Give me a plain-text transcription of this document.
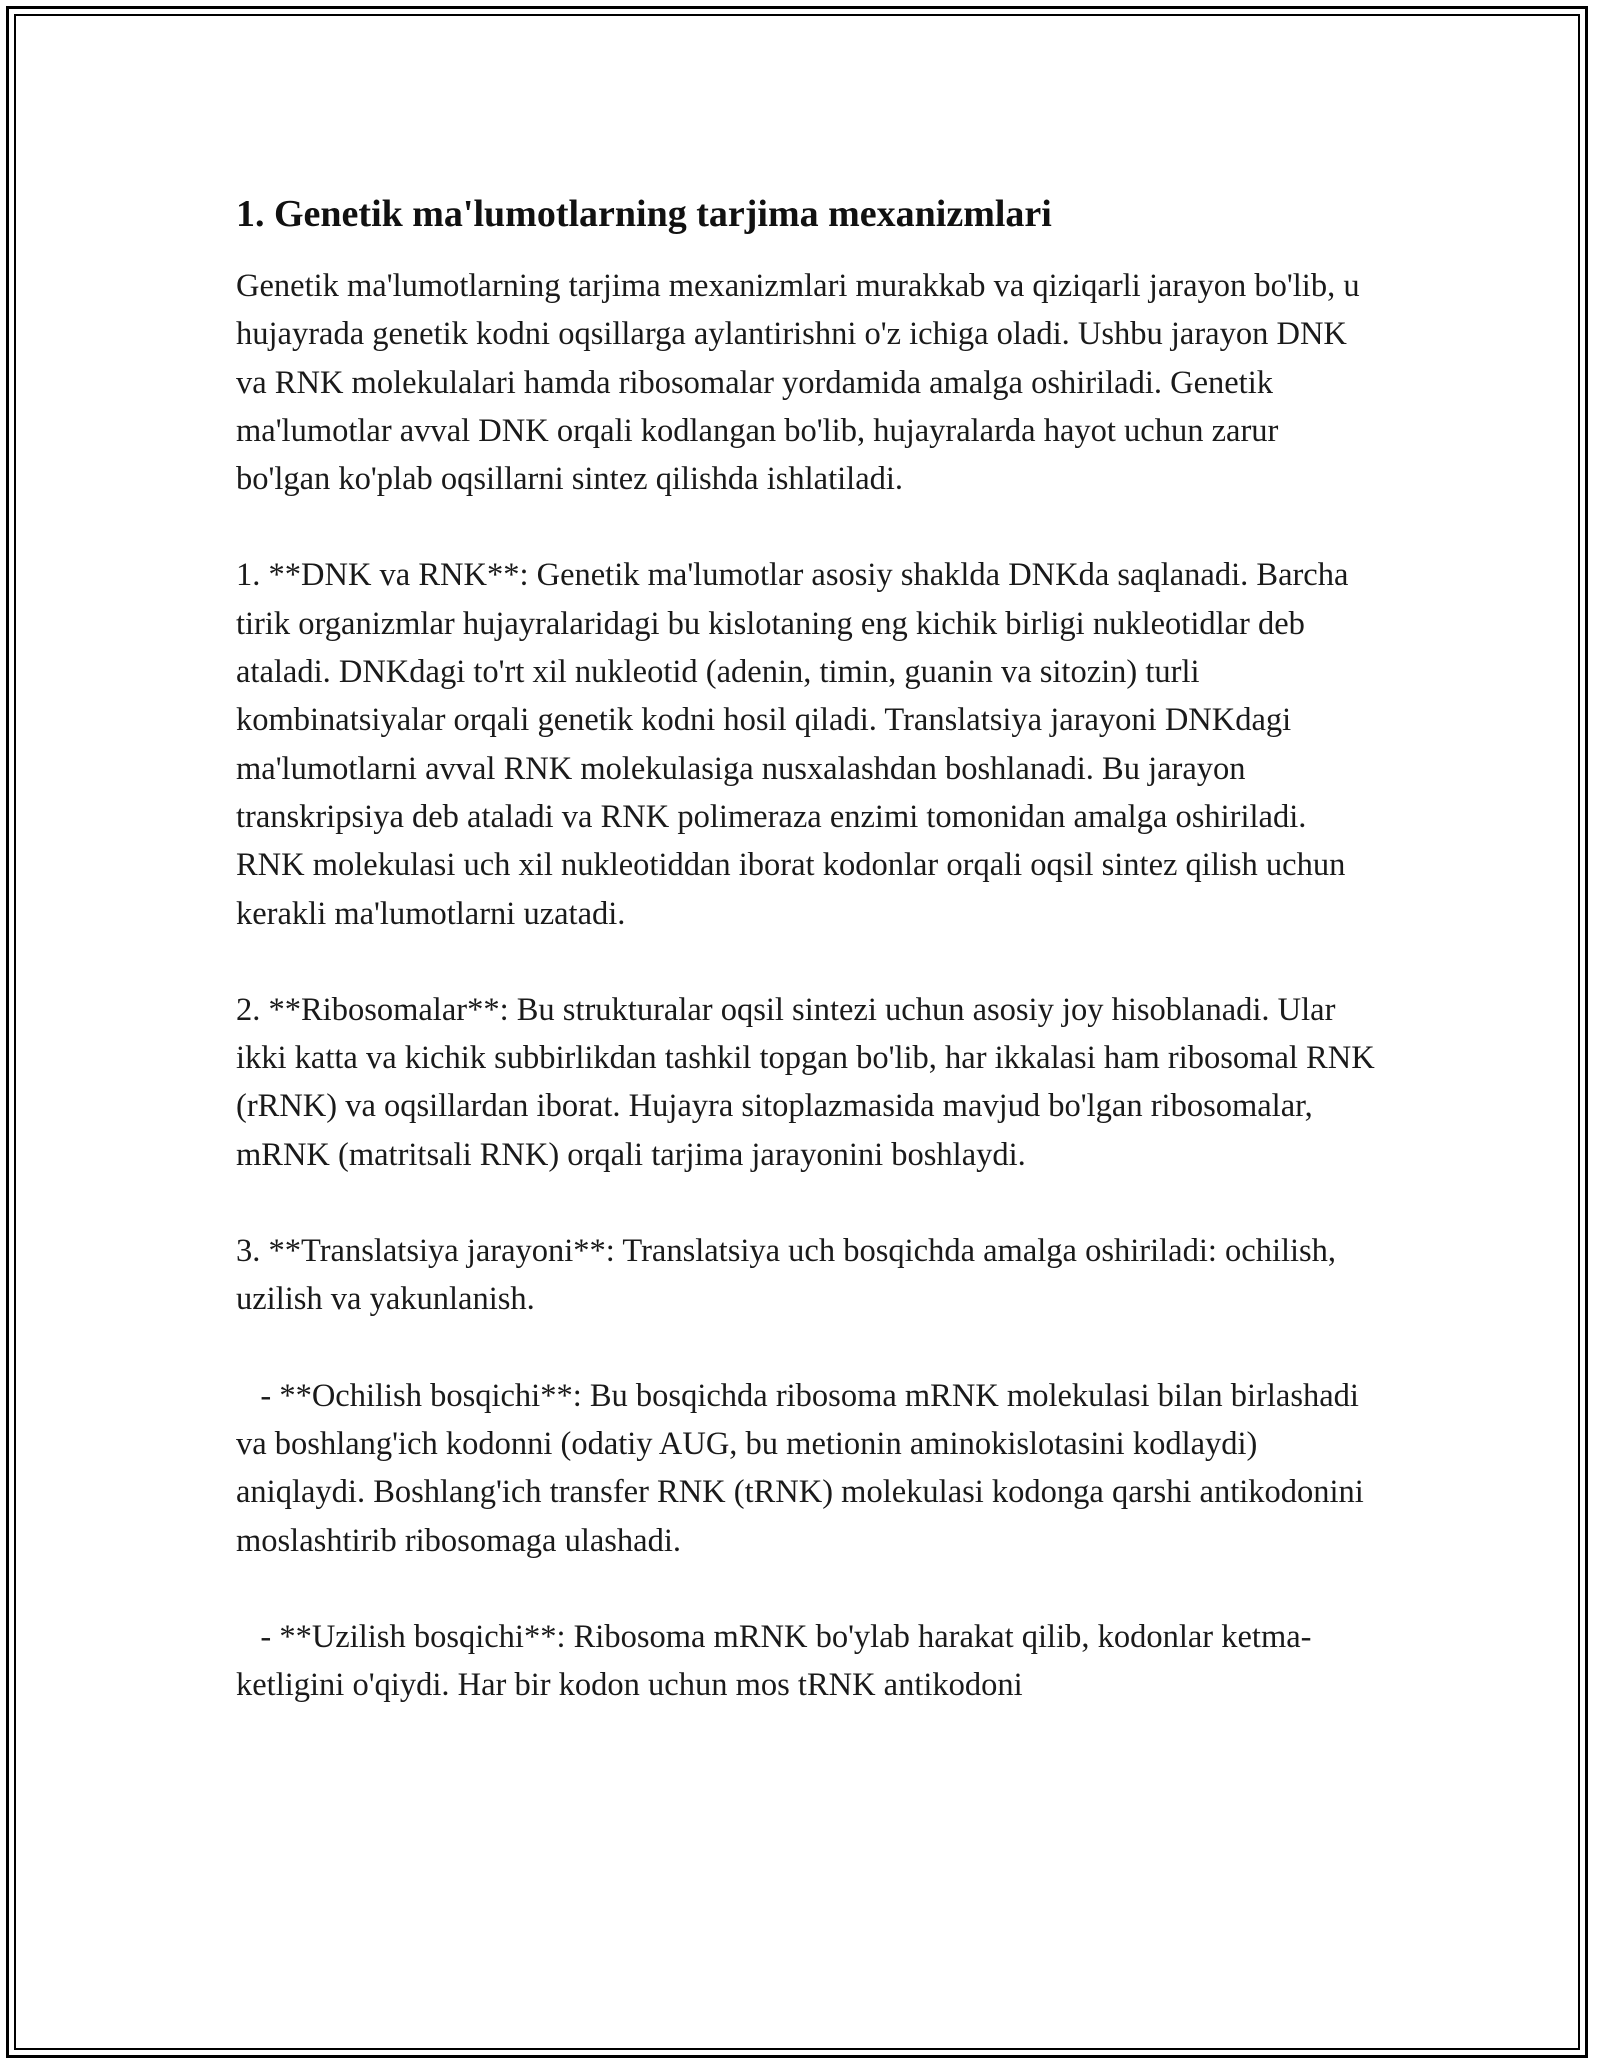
1. Genetik ma'lumotlarning tarjima mexanizmlari

Genetik ma'lumotlarning tarjima mexanizmlari murakkab va qiziqarli jarayon bo'lib, u hujayrada genetik kodni oqsillarga aylantirishni o'z ichiga oladi. Ushbu jarayon DNK va RNK molekulalari hamda ribosomalar yordamida amalga oshiriladi. Genetik ma'lumotlar avval DNK orqali kodlangan bo'lib, hujayralarda hayot uchun zarur bo'lgan ko'plab oqsillarni sintez qilishda ishlatiladi.

1. **DNK va RNK**: Genetik ma'lumotlar asosiy shaklda DNKda saqlanadi. Barcha tirik organizmlar hujayralaridagi bu kislotaning eng kichik birligi nukleotidlar deb ataladi. DNKdagi to'rt xil nukleotid (adenin, timin, guanin va sitozin) turli kombinatsiyalar orqali genetik kodni hosil qiladi. Translatsiya jarayoni DNKdagi ma'lumotlarni avval RNK molekulasiga nusxalashdan boshlanadi. Bu jarayon transkripsiya deb ataladi va RNK polimeraza enzimi tomonidan amalga oshiriladi. RNK molekulasi uch xil nukleotiddan iborat kodonlar orqali oqsil sintez qilish uchun kerakli ma'lumotlarni uzatadi.

2. **Ribosomalar**: Bu strukturalar oqsil sintezi uchun asosiy joy hisoblanadi. Ular ikki katta va kichik subbirlikdan tashkil topgan bo'lib, har ikkalasi ham ribosomal RNK (rRNK) va oqsillardan iborat. Hujayra sitoplazmasida mavjud bo'lgan ribosomalar, mRNK (matritsali RNK) orqali tarjima jarayonini boshlaydi.

3. **Translatsiya jarayoni**: Translatsiya uch bosqichda amalga oshiriladi: ochilish, uzilish va yakunlanish.

- **Ochilish bosqichi**: Bu bosqichda ribosoma mRNK molekulasi bilan birlashadi va boshlang'ich kodonni (odatiy AUG, bu metionin aminokislotasini kodlaydi) aniqlaydi. Boshlang'ich transfer RNK (tRNK) molekulasi kodonga qarshi antikodonini  moslashtirib ribosomaga ulashadi.

- **Uzilish bosqichi**: Ribosoma mRNK bo'ylab harakat qilib, kodonlar ketma-ketligini o'qiydi. Har bir kodon uchun mos tRNK antikodoni
